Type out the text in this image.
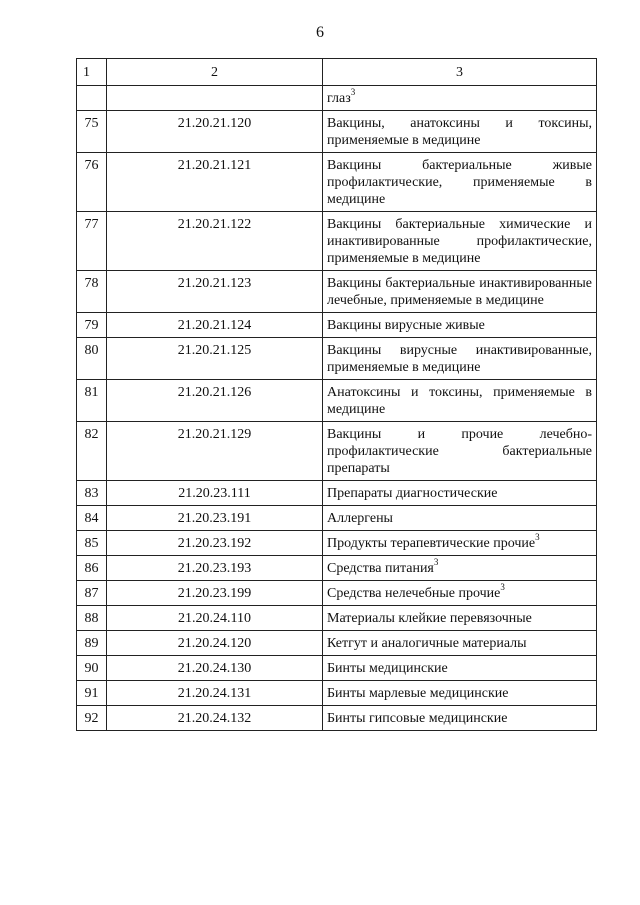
6
1	2	3
		глаз$^3$
75	21.20.21.120	Вакцины, анатоксины и токсины, применяемые в медицине
76	21.20.21.121	Вакцины бактериальные живые профилактические, применяемые в медицине
77	21.20.21.122	Вакцины бактериальные химические и инактивированные профилактические, применяемые в медицине
78	21.20.21.123	Вакцины бактериальные инактивированные лечебные, применяемые в медицине
79	21.20.21.124	Вакцины вирусные живые
80	21.20.21.125	Вакцины вирусные инактивированные, применяемые в медицине
81	21.20.21.126	Анатоксины и токсины, применяемые в медицине
82	21.20.21.129	Вакцины и прочие лечебно-профилактические бактериальные препараты
83	21.20.23.111	Препараты диагностические
84	21.20.23.191	Аллергены
85	21.20.23.192	Продукты терапевтические прочие$^3$
86	21.20.23.193	Средства питания$^3$
87	21.20.23.199	Средства нелечебные прочие$^3$
88	21.20.24.110	Материалы клейкие перевязочные
89	21.20.24.120	Кетгут и аналогичные материалы
90	21.20.24.130	Бинты медицинские
91	21.20.24.131	Бинты марлевые медицинские
92	21.20.24.132	Бинты гипсовые медицинские
